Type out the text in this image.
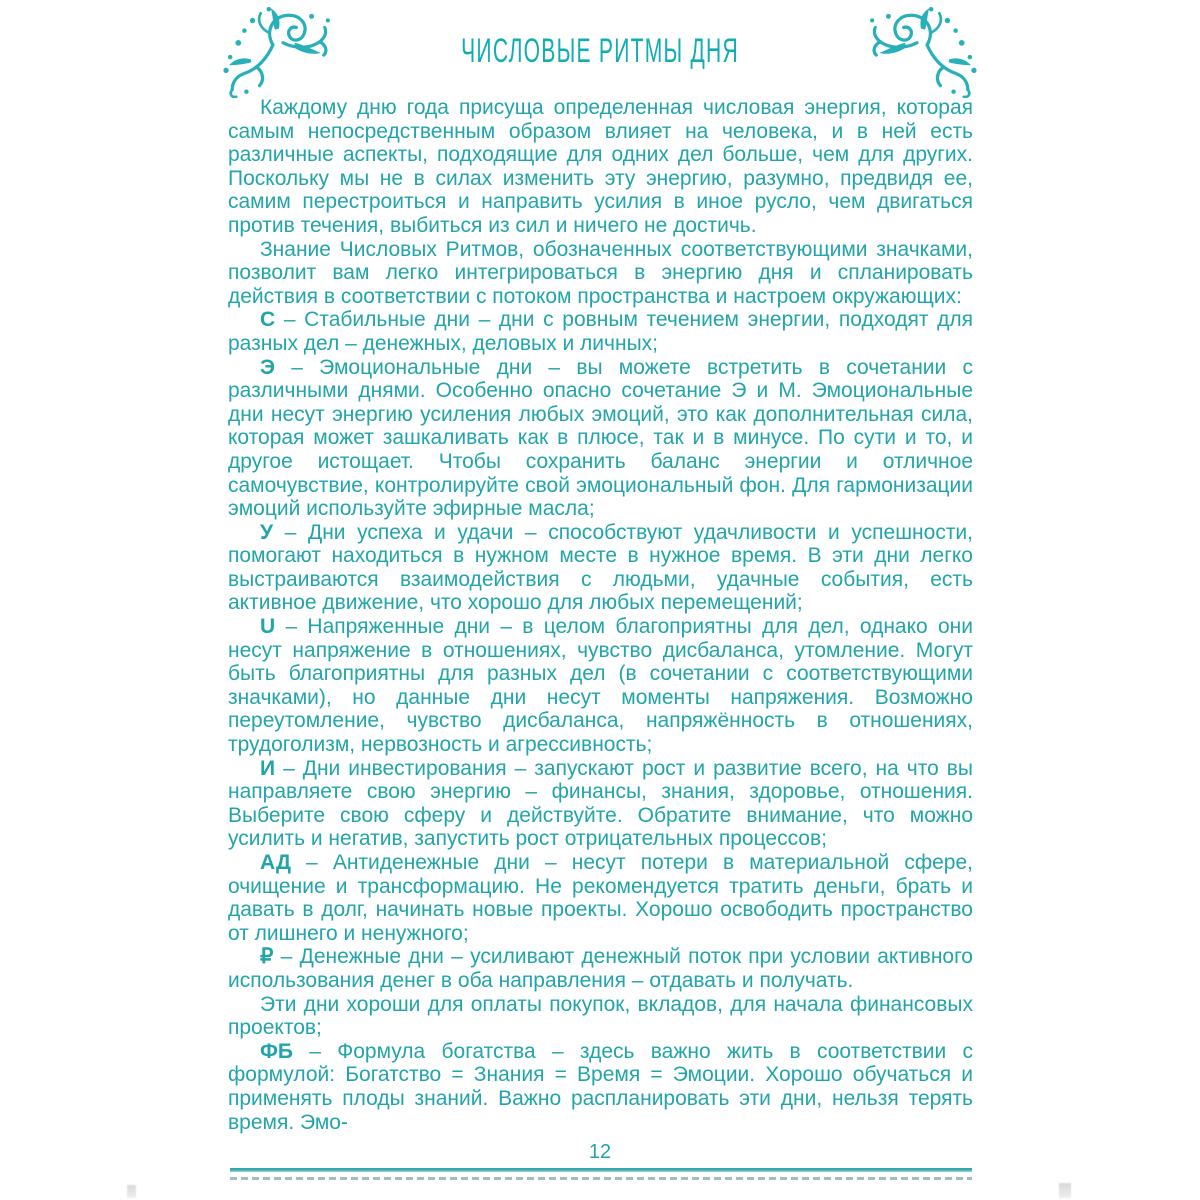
ЧИСЛОВЫЕ РИТМЫ ДНЯ

Каждому дню года присуща определенная числовая энергия, которая самым непосредственным образом влияет на человека, и в ней есть различные аспекты, подходящие для одних дел больше, чем для других. Поскольку мы не в силах изменить эту энергию, разумно, предвидя ее, самим перестроиться и направить усилия в иное русло, чем двигаться против течения, выбиться из сил и ничего не достичь.

Знание Числовых Ритмов, обозначенных соответствующими значками, позволит вам легко интегрироваться в энергию дня и спланировать действия в соответствии с потоком пространства и настроем окружающих:

С – Стабильные дни – дни с ровным течением энергии, подходят для разных дел – денежных, деловых и личных;

Э – Эмоциональные дни – вы можете встретить в сочетании с различными днями. Особенно опасно сочетание Э и М. Эмоциональные дни несут энергию усиления любых эмоций, это как дополнительная сила, которая может зашкаливать как в плюсе, так и в минусе. По сути и то, и другое истощает. Чтобы сохранить баланс энергии и отличное самочувствие, контролируйте свой эмоциональный фон. Для гармонизации эмоций используйте эфирные масла;

У – Дни успеха и удачи – способствуют удачливости и успешности, помогают находиться в нужном месте в нужное время. В эти дни легко выстраиваются взаимодействия с людьми, удачные события, есть активное движение, что хорошо для любых перемещений;

U – Напряженные дни – в целом благоприятны для дел, однако они несут напряжение в отношениях, чувство дисбаланса, утомление. Могут быть благоприятны для разных дел (в сочетании с соответствующими значками), но данные дни несут моменты напряжения. Возможно переутомление, чувство дисбаланса, напряжённость в отношениях, трудоголизм, нервозность и агрессивность;

И – Дни инвестирования – запускают рост и развитие всего, на что вы направляете свою энергию – финансы, знания, здоровье, отношения. Выберите свою сферу и действуйте. Обратите внимание, что можно усилить и негатив, запустить рост отрицательных процессов;

АД – Антиденежные дни – несут потери в материальной сфере, очищение и трансформацию. Не рекомендуется тратить деньги, брать и давать в долг, начинать новые проекты. Хорошо освободить пространство от лишнего и ненужного;

₽ – Денежные дни – усиливают денежный поток при условии активного использования денег в оба направления – отдавать и получать.

Эти дни хороши для оплаты покупок, вкладов, для начала финансовых проектов;

ФБ – Формула богатства – здесь важно жить в соответствии с формулой: Богатство = Знания = Время = Эмоции. Хорошо обучаться и применять плоды знаний. Важно распланировать эти дни, нельзя терять время. Эмо-

12
